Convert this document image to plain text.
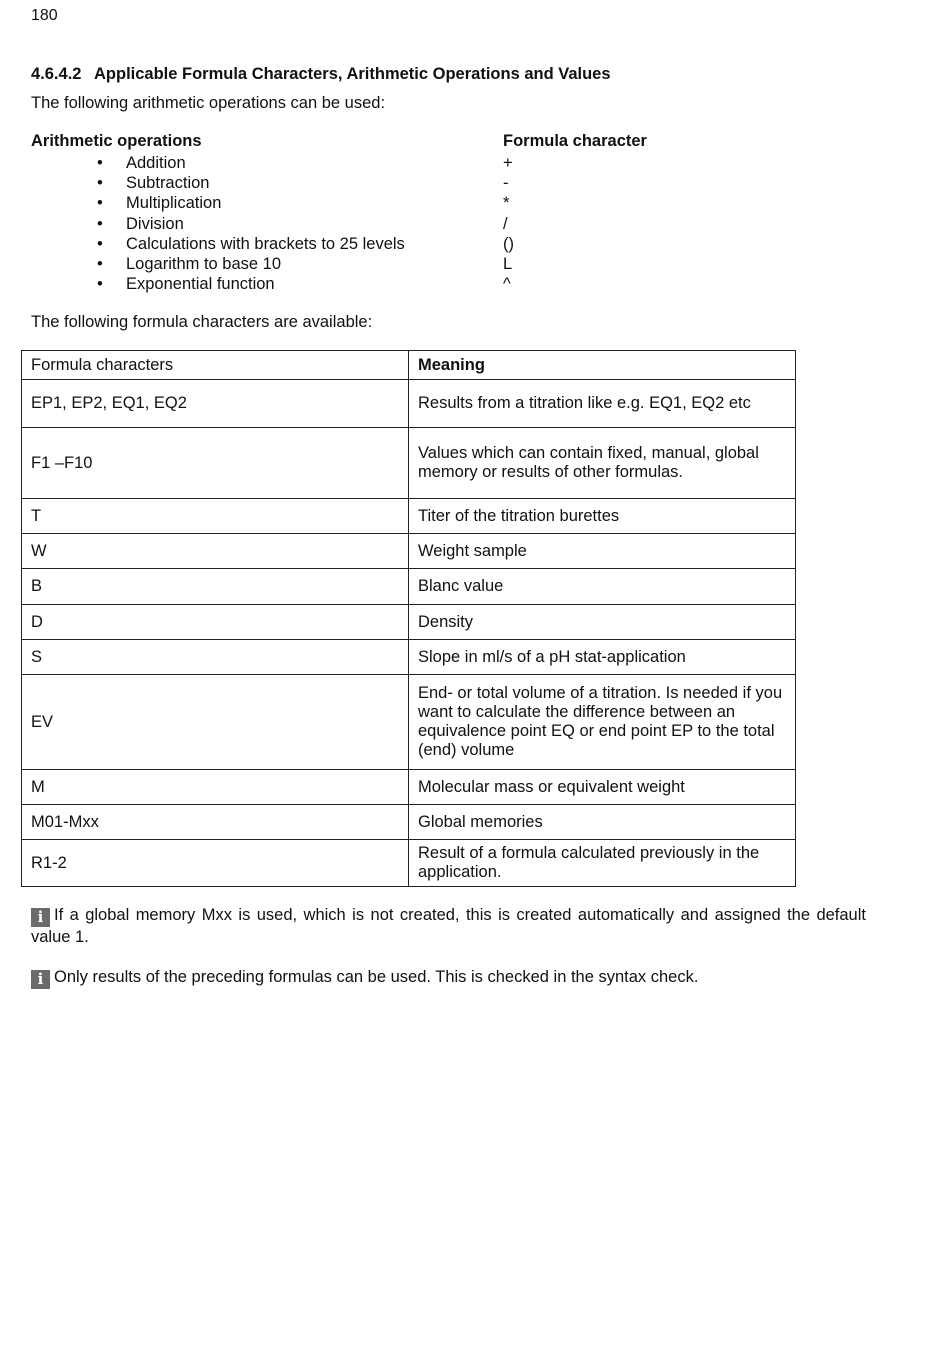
180
4.6.4.2 Applicable Formula Characters, Arithmetic Operations and Values
The following arithmetic operations can be used:
Arithmetic operations	Formula character
• Addition	+
• Subtraction	-
• Multiplication	*
• Division	/
• Calculations with brackets to 25 levels	()
• Logarithm to base 10	L
• Exponential function	^
The following formula characters are available:
Formula characters	Meaning
EP1, EP2, EQ1, EQ2	Results from a titration like e.g. EQ1, EQ2 etc
F1 –F10	Values which can contain fixed, manual, global memory or results of other formulas.
T	Titer of the titration burettes
W	Weight sample
B	Blanc value
D	Density
S	Slope in ml/s of a pH stat-application
EV	End- or total volume of a titration. Is needed if you want to calculate the difference between an equivalence point EQ or end point EP to the total (end) volume
M	Molecular mass or equivalent weight
M01-Mxx	Global memories
R1-2	Result of a formula calculated previously in the application.
i If a global memory Mxx is used, which is not created, this is created automatically and assigned the default value 1.
i Only results of the preceding formulas can be used. This is checked in the syntax check.
